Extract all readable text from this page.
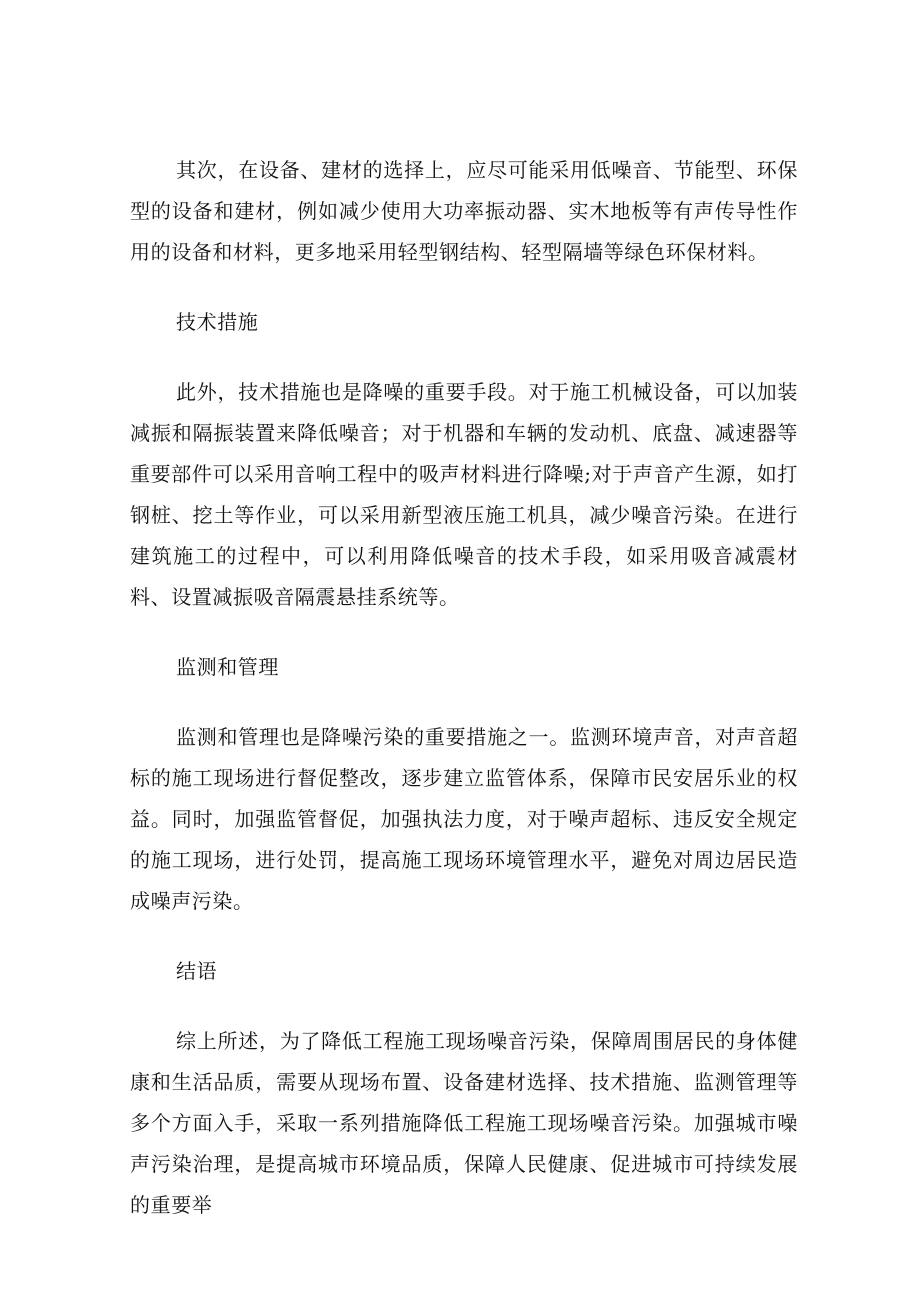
其次，在设备、建材的选择上，应尽可能采用低噪音、节能型、环保型的设备和建材，例如减少使用大功率振动器、实木地板等有声传导性作用的设备和材料，更多地采用轻型钢结构、轻型隔墙等绿色环保材料。

技术措施

此外，技术措施也是降噪的重要手段。对于施工机械设备，可以加装减振和隔振装置来降低噪音；对于机器和车辆的发动机、底盘、减速器等重要部件可以采用音响工程中的吸声材料进行降噪;对于声音产生源，如打钢桩、挖土等作业，可以采用新型液压施工机具，减少噪音污染。在进行建筑施工的过程中，可以利用降低噪音的技术手段，如采用吸音减震材料、设置减振吸音隔震悬挂系统等。

监测和管理

监测和管理也是降噪污染的重要措施之一。监测环境声音，对声音超标的施工现场进行督促整改，逐步建立监管体系，保障市民安居乐业的权益。同时，加强监管督促，加强执法力度，对于噪声超标、违反安全规定的施工现场，进行处罚，提高施工现场环境管理水平，避免对周边居民造成噪声污染。

结语

综上所述，为了降低工程施工现场噪音污染，保障周围居民的身体健康和生活品质，需要从现场布置、设备建材选择、技术措施、监测管理等多个方面入手，采取一系列措施降低工程施工现场噪音污染。加强城市噪声污染治理，是提高城市环境品质，保障人民健康、促进城市可持续发展的重要举
